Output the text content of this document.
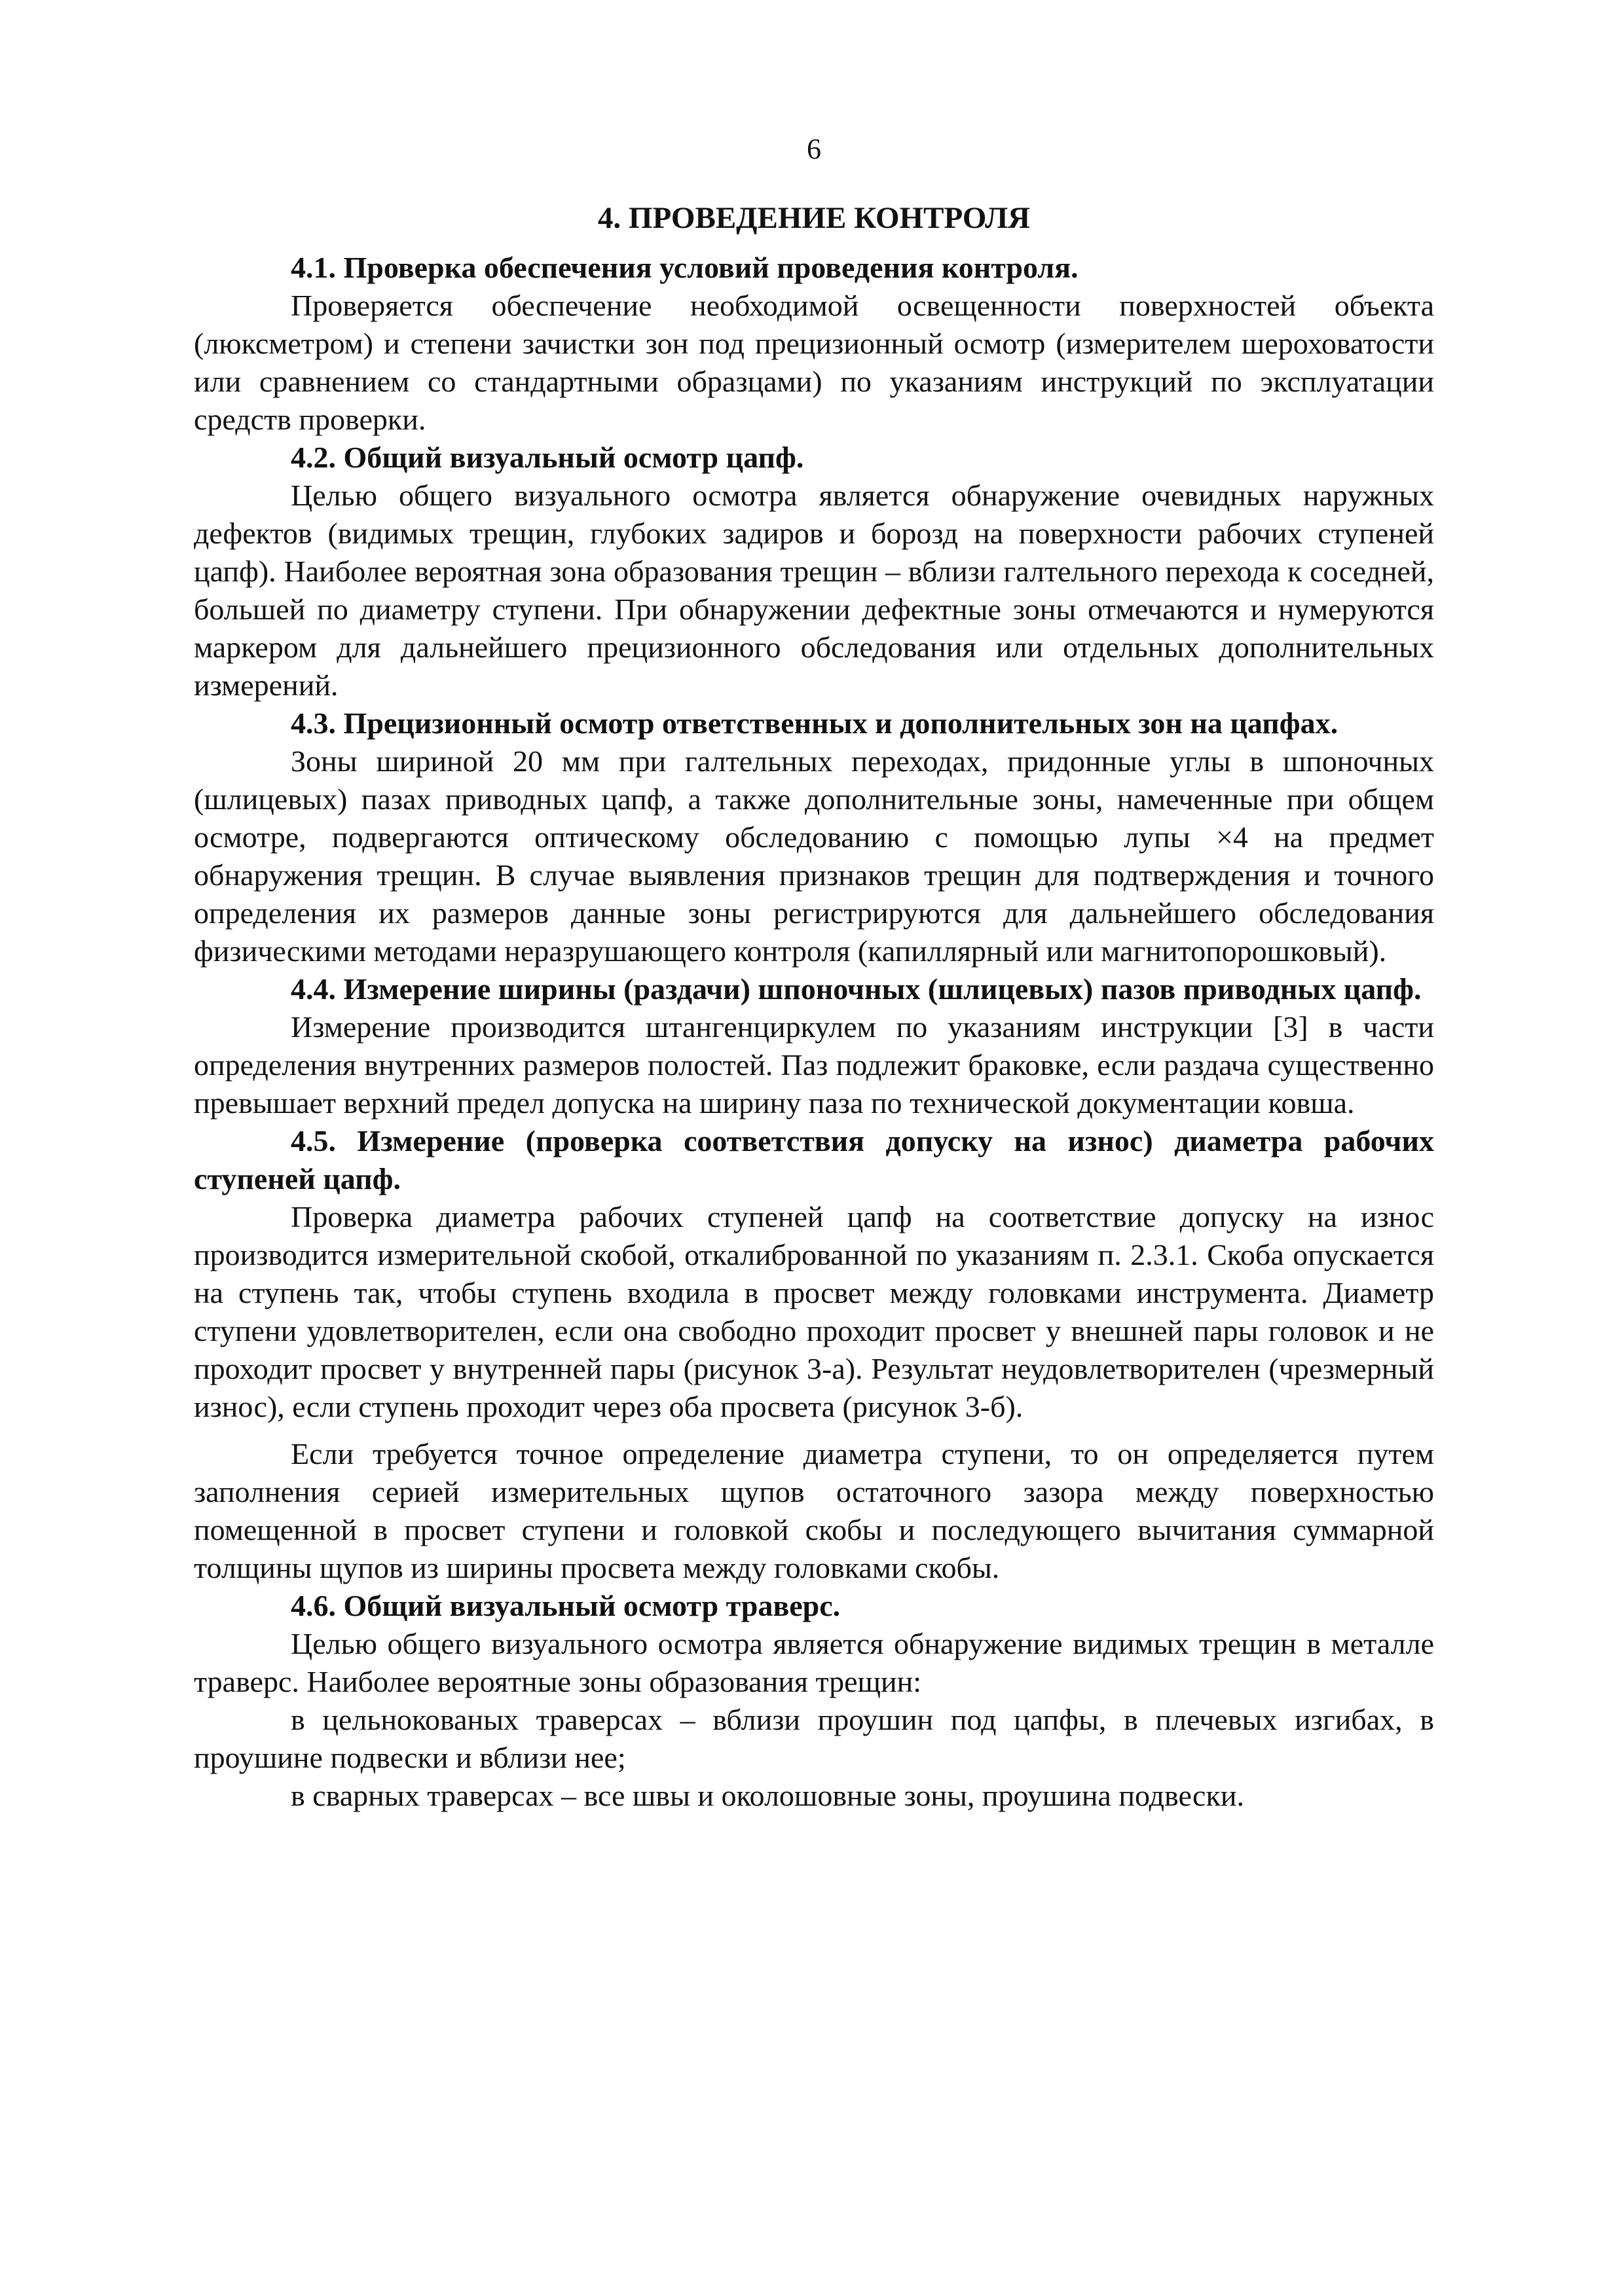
6
4. ПРОВЕДЕНИЕ КОНТРОЛЯ
4.1. Проверка обеспечения условий проведения контроля.

Проверяется обеспечение необходимой освещенности поверхностей объекта (люксметром) и степени зачистки зон под прецизионный осмотр (измерителем шероховатости или сравнением со стандартными образцами) по указаниям инструкций по эксплуатации средств проверки.

4.2. Общий визуальный осмотр цапф.

Целью общего визуального осмотра является обнаружение очевидных наружных дефектов (видимых трещин, глубоких задиров и борозд на поверхности рабочих ступеней цапф). Наиболее вероятная зона образования трещин – вблизи галтельного перехода к соседней, большей по диаметру ступени. При обнаружении дефектные зоны отмечаются и нумеруются маркером для дальнейшего прецизионного обследования или отдельных дополнительных измерений.

4.3. Прецизионный осмотр ответственных и дополнительных зон на цапфах.

Зоны шириной 20 мм при галтельных переходах, придонные углы в шпоночных (шлицевых) пазах приводных цапф, а также дополнительные зоны, намеченные при общем осмотре, подвергаются оптическому обследованию с помощью лупы ×4 на предмет обнаружения трещин. В случае выявления признаков трещин для подтверждения и точного определения их размеров данные зоны регистрируются для дальнейшего обследования физическими методами неразрушающего контроля (капиллярный или магнитопорошковый).

4.4. Измерение ширины (раздачи) шпоночных (шлицевых) пазов приводных цапф.

Измерение производится штангенциркулем по указаниям инструкции [3] в части определения внутренних размеров полостей. Паз подлежит браковке, если раздача существенно превышает верхний предел допуска на ширину паза по технической документации ковша.

4.5. Измерение (проверка соответствия допуску на износ) диаметра рабочих ступеней цапф.

Проверка диаметра рабочих ступеней цапф на соответствие допуску на износ производится измерительной скобой, откалиброванной по указаниям п. 2.3.1. Скоба опускается на ступень так, чтобы ступень входила в просвет между головками инструмента. Диаметр ступени удовлетворителен, если она свободно проходит просвет у внешней пары головок и не проходит просвет у внутренней пары (рисунок 3-а). Результат неудовлетворителен (чрезмерный износ), если ступень проходит через оба просвета (рисунок 3-б).

Если требуется точное определение диаметра ступени, то он определяется путем заполнения серией измерительных щупов остаточного зазора между поверхностью помещенной в просвет ступени и головкой скобы и последующего вычитания суммарной толщины щупов из ширины просвета между головками скобы.

4.6. Общий визуальный осмотр траверс.

Целью общего визуального осмотра является обнаружение видимых трещин в металле траверс. Наиболее вероятные зоны образования трещин:

в цельнокованых траверсах – вблизи проушин под цапфы, в плечевых изгибах, в проушине подвески и вблизи нее;

в сварных траверсах – все швы и околошовные зоны, проушина подвески.
